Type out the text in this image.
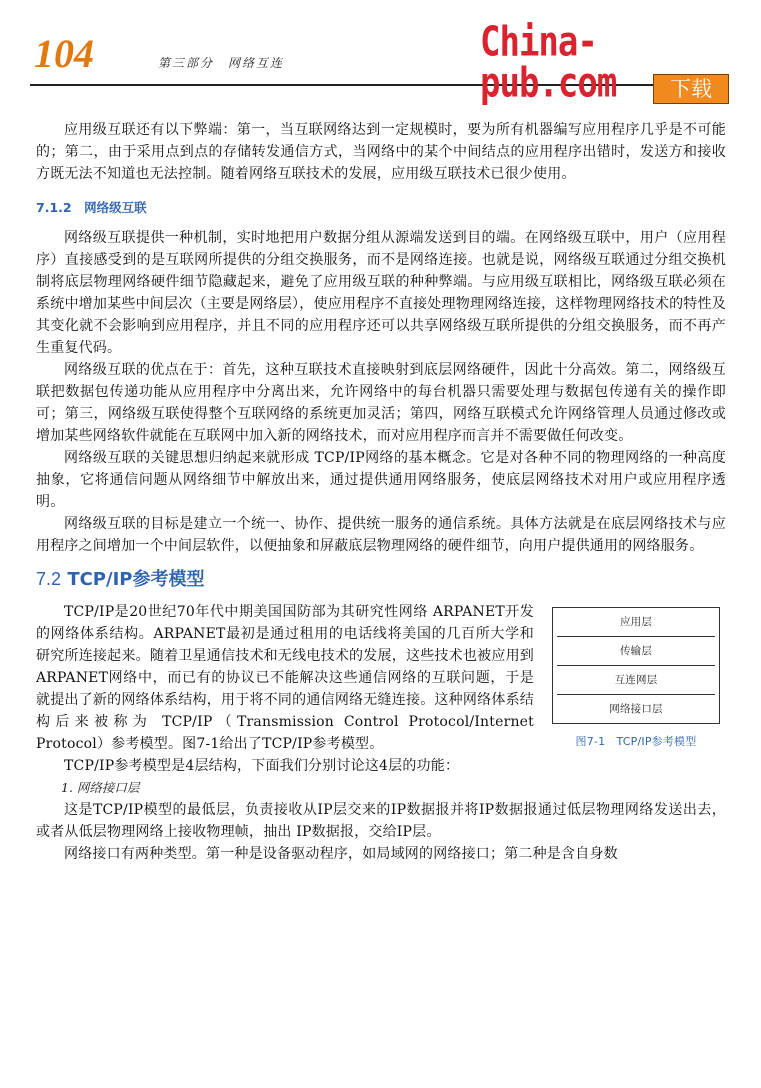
104	第三部分　网络互连	China-pub.com	下载

应用级互联还有以下弊端：第一，当互联网络达到一定规模时，要为所有机器编写应用程序几乎是不可能的；第二，由于采用点到点的存储转发通信方式，当网络中的某个中间结点的应用程序出错时，发送方和接收方既无法不知道也无法控制。随着网络互联技术的发展，应用级互联技术已很少使用。

7.1.2　网络级互联

网络级互联提供一种机制，实时地把用户数据分组从源端发送到目的端。在网络级互联中，用户（应用程序）直接感受到的是互联网所提供的分组交换服务，而不是网络连接。也就是说，网络级互联通过分组交换机制将底层物理网络硬件细节隐藏起来，避免了应用级互联的种种弊端。与应用级互联相比，网络级互联必须在系统中增加某些中间层次（主要是网络层），使应用程序不直接处理物理网络连接，这样物理网络技术的特性及其变化就不会影响到应用程序，并且不同的应用程序还可以共享网络级互联所提供的分组交换服务，而不再产生重复代码。

网络级互联的优点在于：首先，这种互联技术直接映射到底层网络硬件，因此十分高效。第二，网络级互联把数据包传递功能从应用程序中分离出来，允许网络中的每台机器只需要处理与数据包传递有关的操作即可；第三，网络级互联使得整个互联网络的系统更加灵活；第四，网络互联模式允许网络管理人员通过修改或增加某些网络软件就能在互联网中加入新的网络技术，而对应用程序而言并不需要做任何改变。

网络级互联的关键思想归纳起来就形成 TCP/IP网络的基本概念。它是对各种不同的物理网络的一种高度抽象，它将通信问题从网络细节中解放出来，通过提供通用网络服务，使底层网络技术对用户或应用程序透明。

网络级互联的目标是建立一个统一、协作、提供统一服务的通信系统。具体方法就是在底层网络技术与应用程序之间增加一个中间层软件，以便抽象和屏蔽底层物理网络的硬件细节，向用户提供通用的网络服务。

7.2 TCP/IP参考模型

应用层
传输层
互连网层
网络接口层
图7-1　TCP/IP参考模型
TCP/IP是20世纪70年代中期美国国防部为其研究性网络 ARPANET开发的网络体系结构。ARPANET最初是通过租用的电话线将美国的几百所大学和研究所连接起来。随着卫星通信技术和无线电技术的发展，这些技术也被应用到ARPANET网络中，而已有的协议已不能解决这些通信网络的互联问题，于是就提出了新的网络体系结构，用于将不同的通信网络无缝连接。这种网络体系结构后来被称为 TCP/IP（Transmission Control Protocol/Internet Protocol）参考模型。图7-1给出了TCP/IP参考模型。

TCP/IP参考模型是4层结构，下面我们分别讨论这4层的功能：

1. 网络接口层

这是TCP/IP模型的最低层，负责接收从IP层交来的IP数据报并将IP数据报通过低层物理网络发送出去，或者从低层物理网络上接收物理帧，抽出 IP数据报，交给IP层。

网络接口有两种类型。第一种是设备驱动程序，如局域网的网络接口；第二种是含自身数
